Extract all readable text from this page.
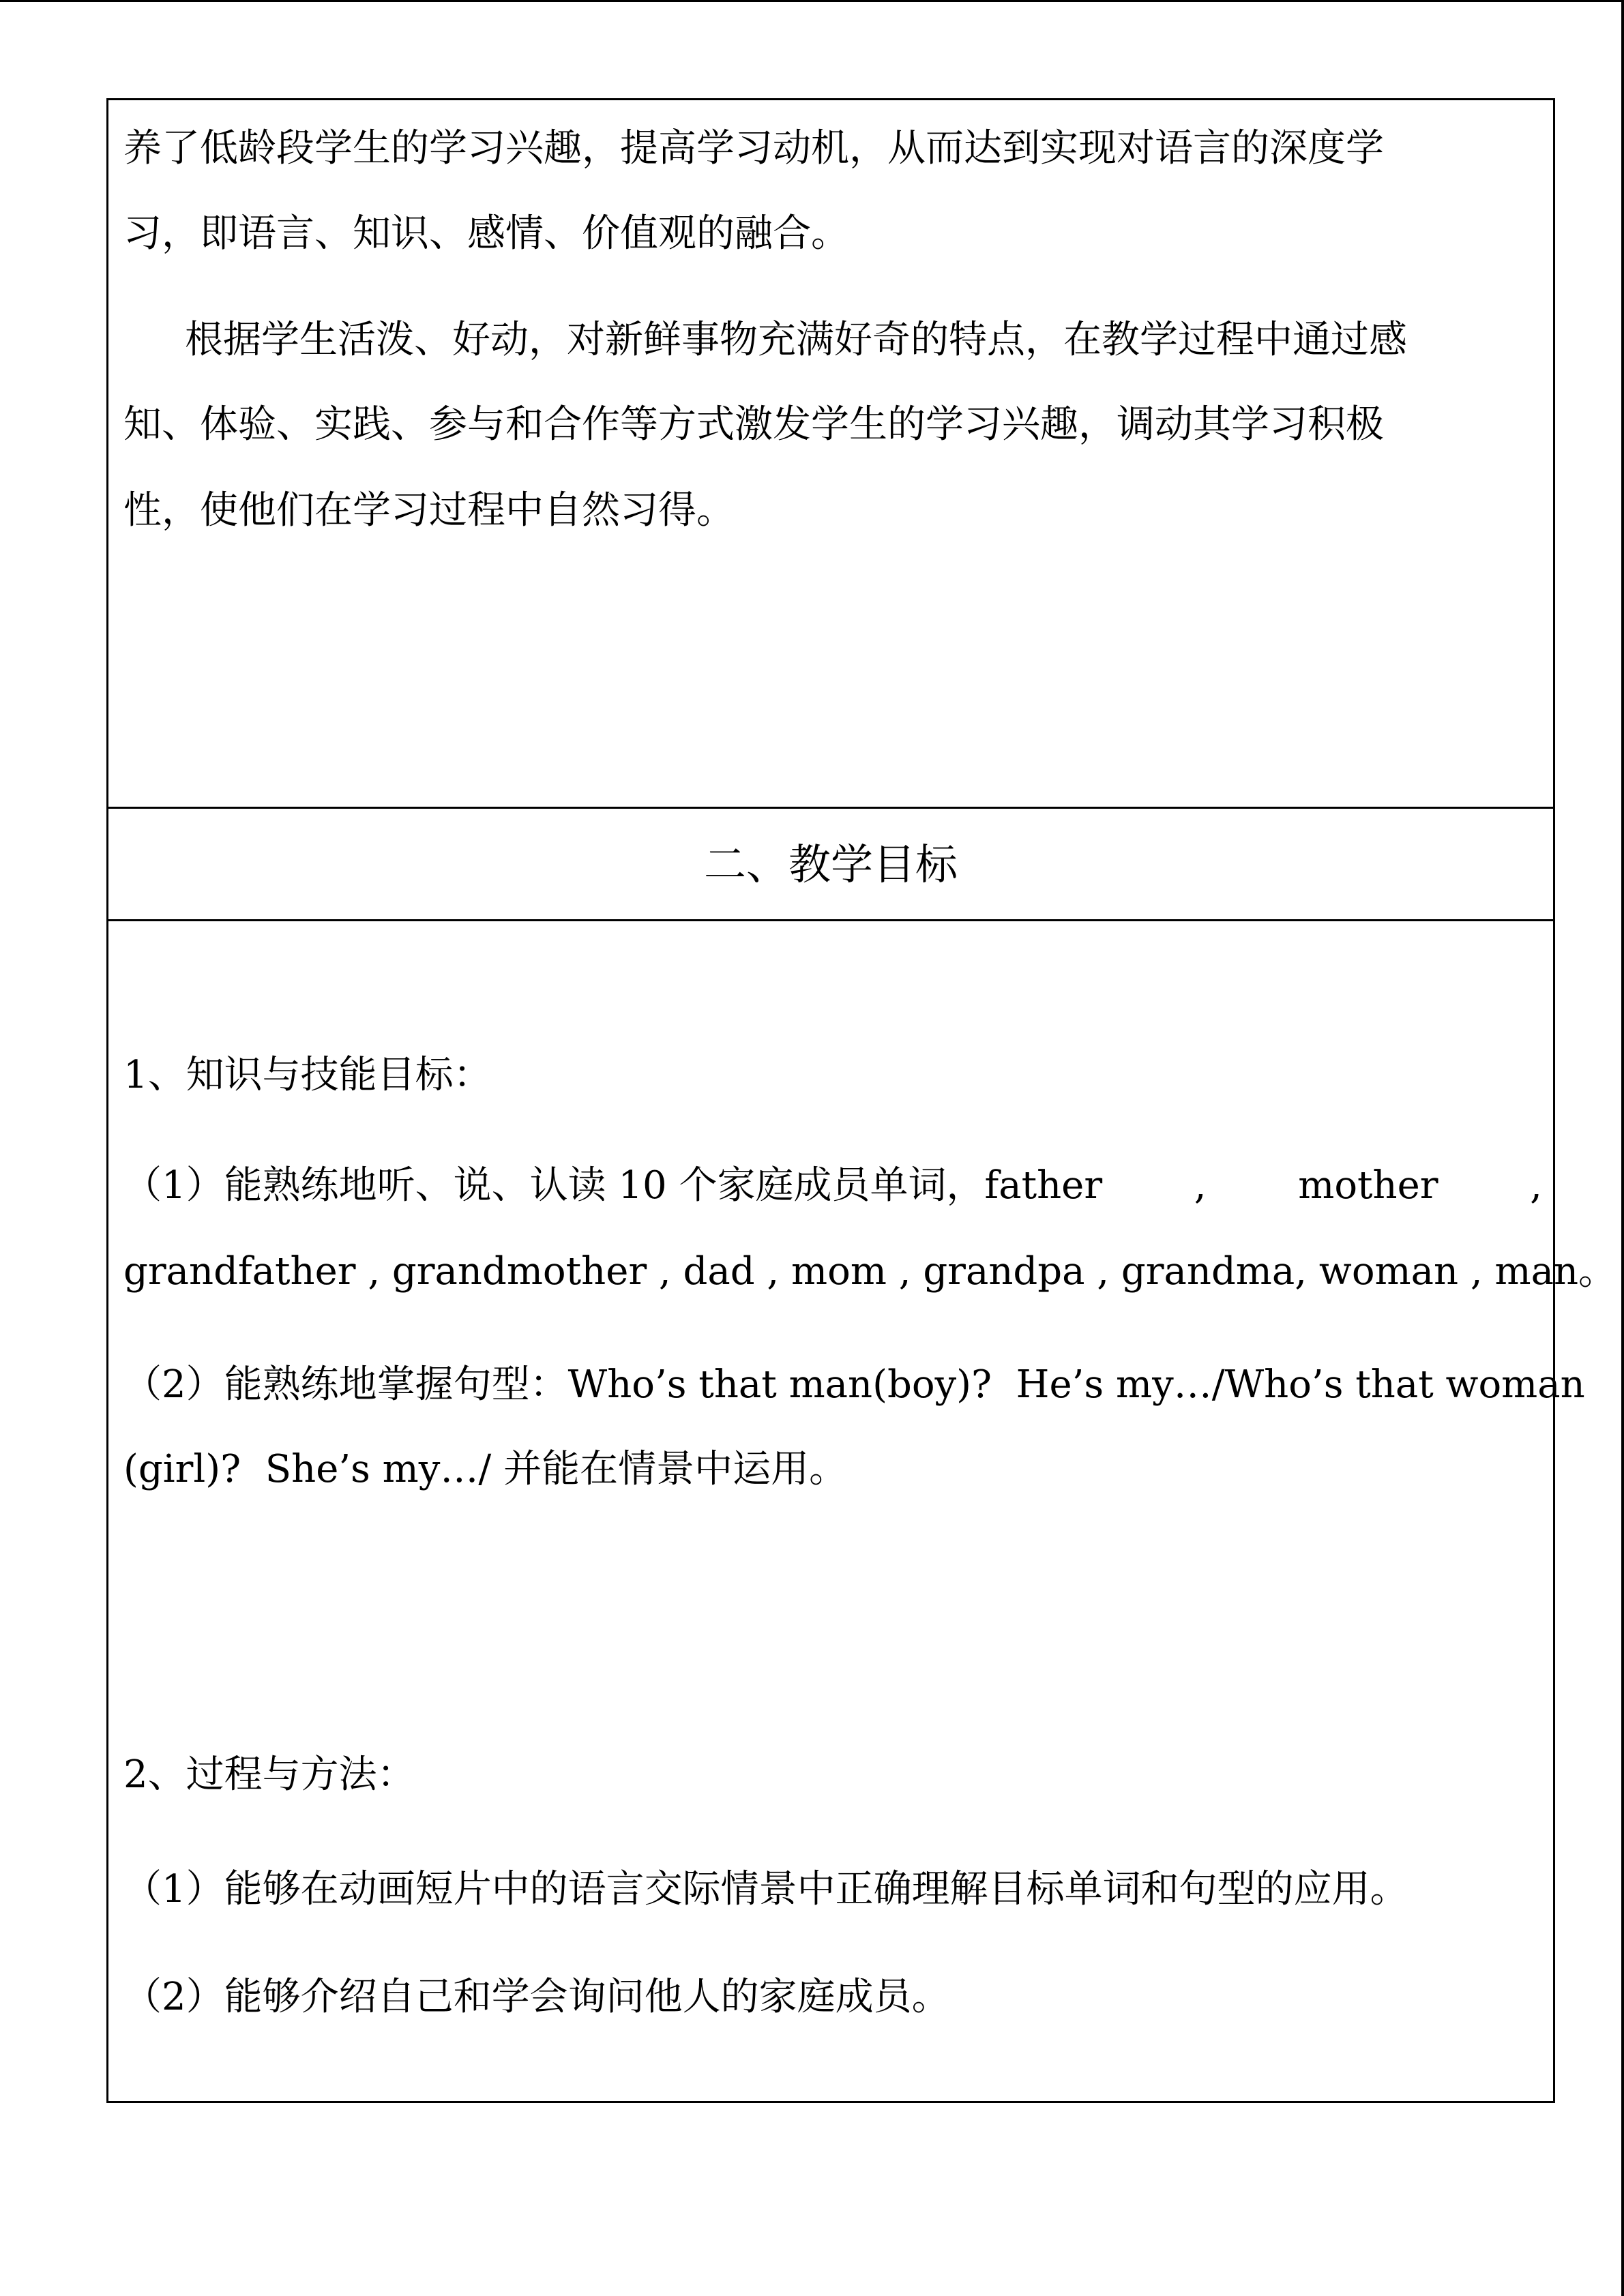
养了低龄段学生的学习兴趣，提高学习动机，从而达到实现对语言的深度学
习，即语言、知识、感情、价值观的融合。
根据学生活泼、好动，对新鲜事物充满好奇的特点，在教学过程中通过感
知、体验、实践、参与和合作等方式激发学生的学习兴趣，调动其学习积极
性，使他们在学习过程中自然习得。
二、教学目标
1、知识与技能目标：
（1）能熟练地听、说、认读 10 个家庭成员单词，father , mother ,
grandfather , grandmother , dad , mom , grandpa , grandma, woman , man。
（2）能熟练地掌握句型：Who’s that man(boy)?  He’s my…/Who’s that woman
(girl)?  She’s my…/ 并能在情景中运用。
2、过程与方法：
（1）能够在动画短片中的语言交际情景中正确理解目标单词和句型的应用。
（2）能够介绍自己和学会询问他人的家庭成员。
